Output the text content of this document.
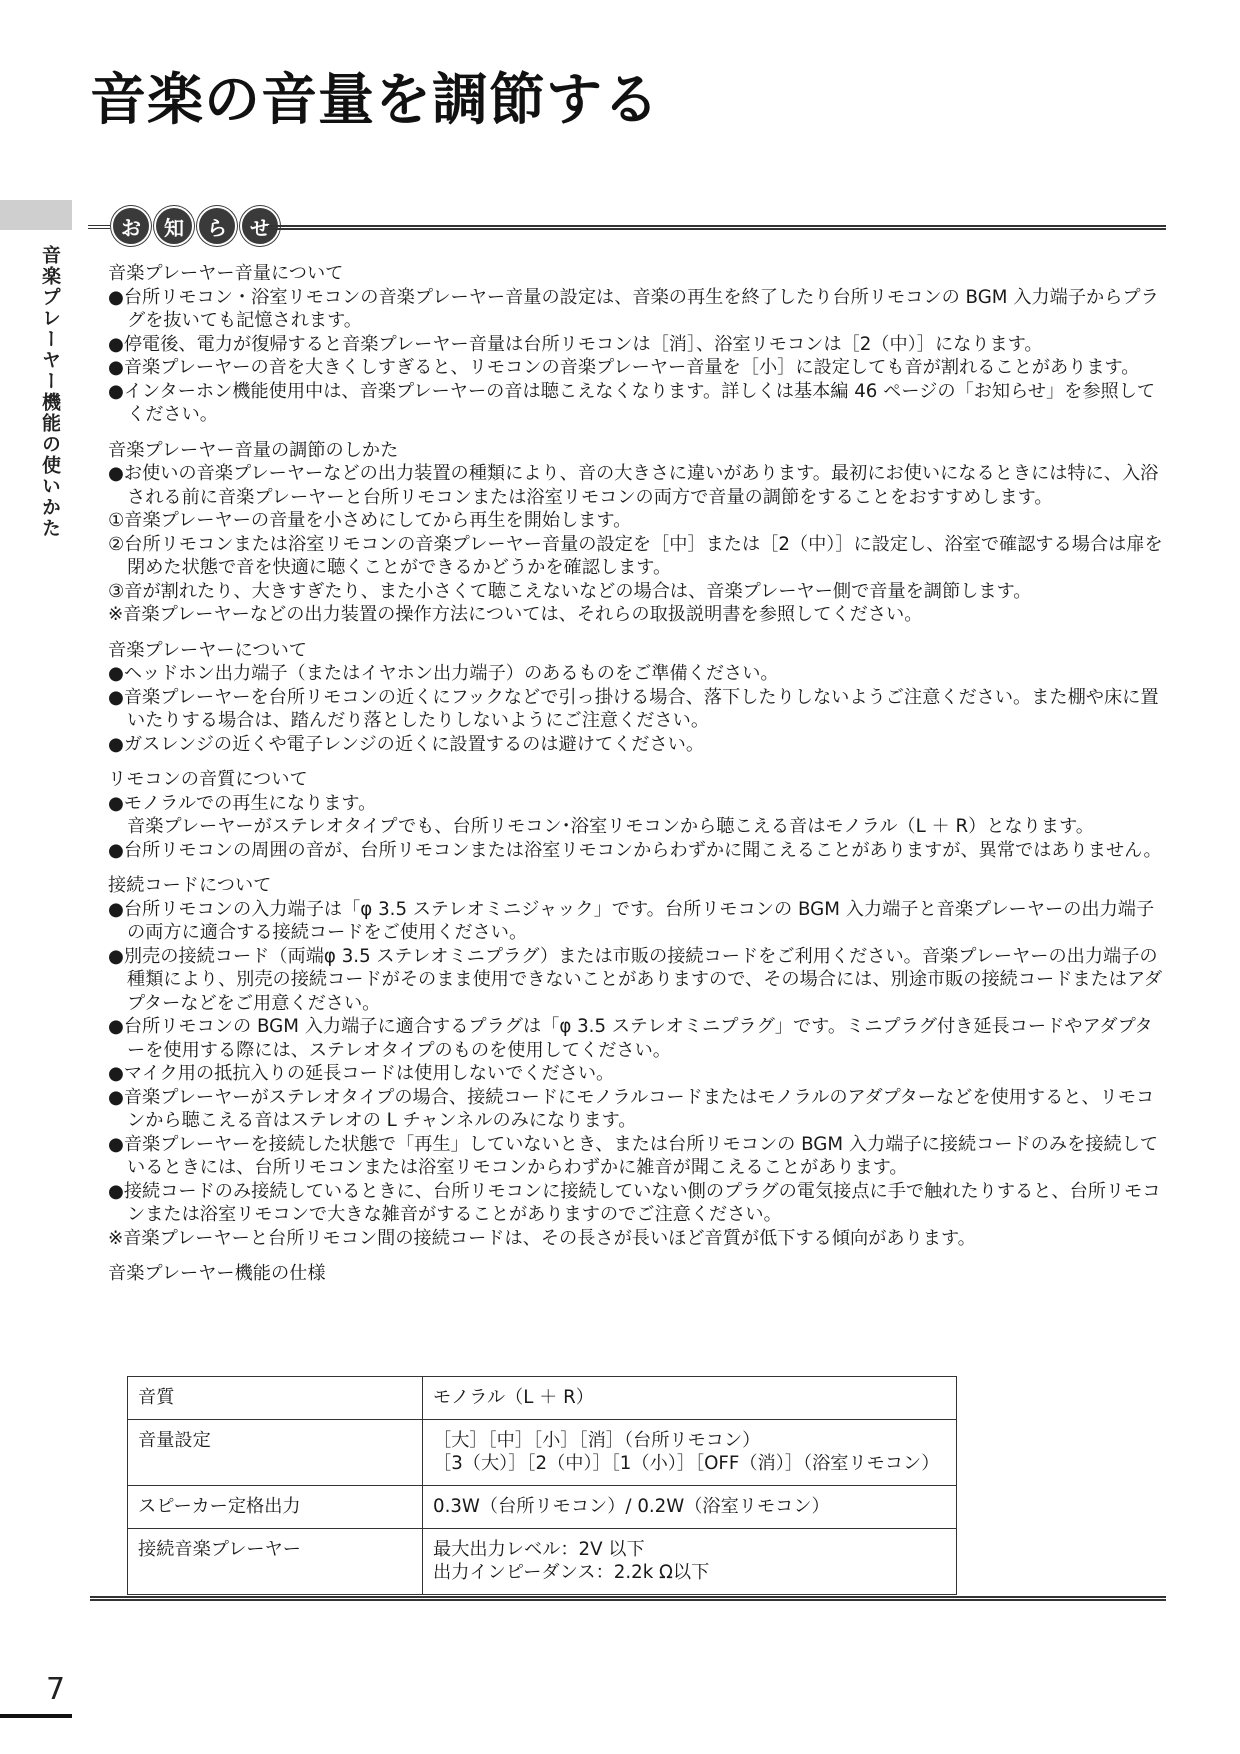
音楽の音量を調節する
音楽プレーヤー機能の使いかた
お	知	ら	せ

音楽プレーヤー音量について

●台所リモコン・浴室リモコンの音楽プレーヤー音量の設定は、音楽の再生を終了したり台所リモコンの BGM 入力端子からプラグを抜いても記憶されます。

●停電後、電力が復帰すると音楽プレーヤー音量は台所リモコンは［消］、浴室リモコンは［2（中）］になります。

●音楽プレーヤーの音を大きくしすぎると、リモコンの音楽プレーヤー音量を［小］に設定しても音が割れることがあります。

●インターホン機能使用中は、音楽プレーヤーの音は聴こえなくなります。詳しくは基本編 46 ページの「お知らせ」を参照してください。

音楽プレーヤー音量の調節のしかた

●お使いの音楽プレーヤーなどの出力装置の種類により、音の大きさに違いがあります。最初にお使いになるときには特に、入浴される前に音楽プレーヤーと台所リモコンまたは浴室リモコンの両方で音量の調節をすることをおすすめします。

①音楽プレーヤーの音量を小さめにしてから再生を開始します。

②台所リモコンまたは浴室リモコンの音楽プレーヤー音量の設定を［中］または［2（中）］に設定し、浴室で確認する場合は扉を閉めた状態で音を快適に聴くことができるかどうかを確認します。

③音が割れたり、大きすぎたり、また小さくて聴こえないなどの場合は、音楽プレーヤー側で音量を調節します。

※音楽プレーヤーなどの出力装置の操作方法については、それらの取扱説明書を参照してください。

音楽プレーヤーについて

●ヘッドホン出力端子（またはイヤホン出力端子）のあるものをご準備ください。

●音楽プレーヤーを台所リモコンの近くにフックなどで引っ掛ける場合、落下したりしないようご注意ください。また棚や床に置いたりする場合は、踏んだり落としたりしないようにご注意ください。

●ガスレンジの近くや電子レンジの近くに設置するのは避けてください。

リモコンの音質について

●モノラルでの再生になります。

音楽プレーヤーがステレオタイプでも、台所リモコン･浴室リモコンから聴こえる音はモノラル（L ＋ R）となります。

●台所リモコンの周囲の音が、台所リモコンまたは浴室リモコンからわずかに聞こえることがありますが、異常ではありません。

接続コードについて

●台所リモコンの入力端子は「φ 3.5 ステレオミニジャック」です。台所リモコンの BGM 入力端子と音楽プレーヤーの出力端子の両方に適合する接続コードをご使用ください。

●別売の接続コード（両端φ 3.5 ステレオミニプラグ）または市販の接続コードをご利用ください。音楽プレーヤーの出力端子の種類により、別売の接続コードがそのまま使用できないことがありますので、その場合には、別途市販の接続コードまたはアダプターなどをご用意ください。

●台所リモコンの BGM 入力端子に適合するプラグは「φ 3.5 ステレオミニプラグ」です。ミニプラグ付き延長コードやアダプターを使用する際には、ステレオタイプのものを使用してください。

●マイク用の抵抗入りの延長コードは使用しないでください。

●音楽プレーヤーがステレオタイプの場合、接続コードにモノラルコードまたはモノラルのアダプターなどを使用すると、リモコンから聴こえる音はステレオの L チャンネルのみになります。

●音楽プレーヤーを接続した状態で「再生」していないとき、または台所リモコンの BGM 入力端子に接続コードのみを接続しているときには、台所リモコンまたは浴室リモコンからわずかに雑音が聞こえることがあります。

●接続コードのみ接続しているときに、台所リモコンに接続していない側のプラグの電気接点に手で触れたりすると、台所リモコンまたは浴室リモコンで大きな雑音がすることがありますのでご注意ください。

※音楽プレーヤーと台所リモコン間の接続コードは、その長さが長いほど音質が低下する傾向があります。

音楽プレーヤー機能の仕様

音質	モノラル（L ＋ R）
音量設定	［大］［中］［小］［消］（台所リモコン）
［3（大）］［2（中）］［1（小）］［OFF（消）］（浴室リモコン）
スピーカー定格出力	0.3W（台所リモコン）/ 0.2W（浴室リモコン）
接続音楽プレーヤー	最大出力レベル：2V 以下
出力インピーダンス：2.2k Ω以下
7
